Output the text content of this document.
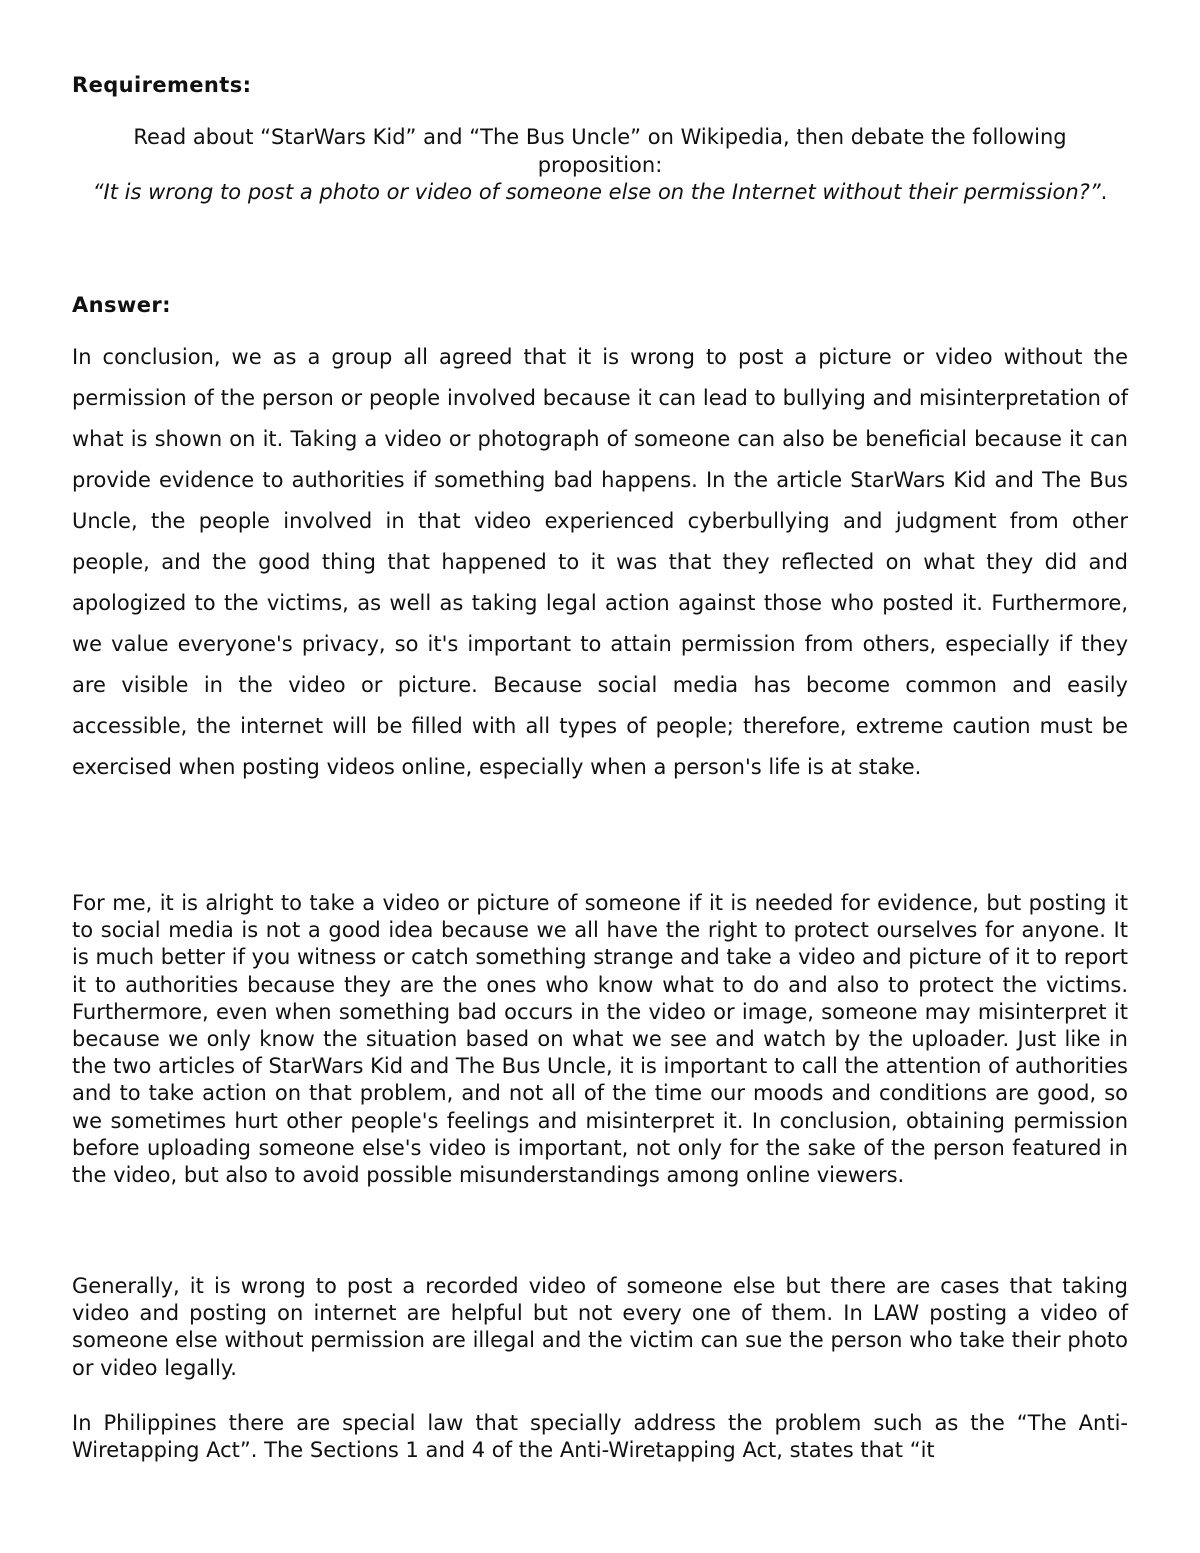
Requirements:

Read about “StarWars Kid” and “The Bus Uncle” on Wikipedia, then debate the following proposition:

“It is wrong to post a photo or video of someone else on the Internet without their permission?”.

Answer:

In conclusion, we as a group all agreed that it is wrong to post a picture or video without the permission of the person or people involved because it can lead to bullying and misinterpretation of what is shown on it. Taking a video or photograph of someone can also be beneficial because it can provide evidence to authorities if something bad happens. In the article StarWars Kid and The Bus Uncle, the people involved in that video experienced cyberbullying and judgment from other people, and the good thing that happened to it was that they reflected on what they did and apologized to the victims, as well as taking legal action against those who posted it. Furthermore, we value everyone's privacy, so it's important to attain permission from others, especially if they are visible in the video or picture. Because social media has become common and easily accessible, the internet will be filled with all types of people; therefore, extreme caution must be exercised when posting videos online, especially when a person's life is at stake.

For me, it is alright to take a video or picture of someone if it is needed for evidence, but posting it to social media is not a good idea because we all have the right to protect ourselves for anyone. It is much better if you witness or catch something strange and take a video and picture of it to report it to authorities because they are the ones who know what to do and also to protect the victims. Furthermore, even when something bad occurs in the video or image, someone may misinterpret it because we only know the situation based on what we see and watch by the uploader. Just like in the two articles of StarWars Kid and The Bus Uncle, it is important to call the attention of authorities and to take action on that problem, and not all of the time our moods and conditions are good, so we sometimes hurt other people's feelings and misinterpret it. In conclusion, obtaining permission before uploading someone else's video is important, not only for the sake of the person featured in the video, but also to avoid possible misunderstandings among online viewers.

Generally, it is wrong to post a recorded video of someone else but there are cases that taking video and posting on internet are helpful but not every one of them. In LAW posting a video of someone else without permission are illegal and the victim can sue the person who take their photo or video legally.

In Philippines there are special law that specially address the problem such as the “The Anti-Wiretapping Act”. The Sections 1 and 4 of the Anti-Wiretapping Act, states that “it
